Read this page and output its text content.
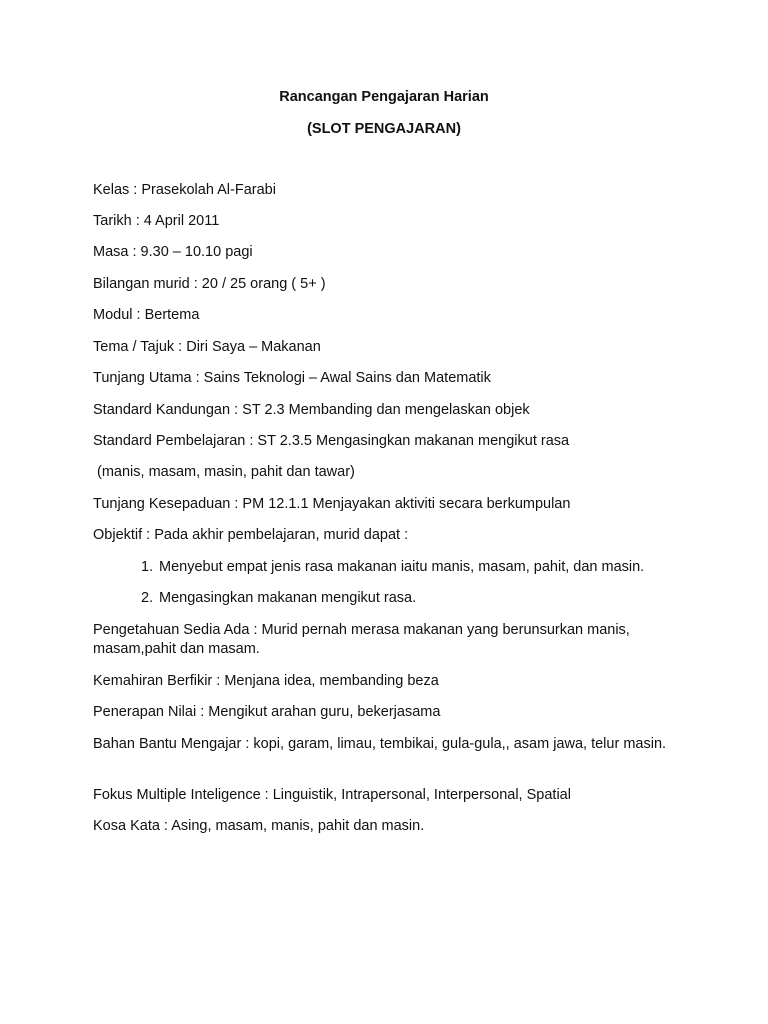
Rancangan Pengajaran Harian
(SLOT PENGAJARAN)
Kelas : Prasekolah Al-Farabi
Tarikh : 4 April 2011
Masa : 9.30 – 10.10 pagi
Bilangan murid : 20 / 25 orang ( 5+ )
Modul : Bertema
Tema / Tajuk : Diri Saya – Makanan
Tunjang Utama : Sains Teknologi – Awal Sains dan Matematik
Standard Kandungan : ST 2.3 Membanding dan mengelaskan objek
Standard Pembelajaran : ST 2.3.5 Mengasingkan makanan mengikut rasa
(manis, masam, masin, pahit dan tawar)
Tunjang Kesepaduan : PM 12.1.1 Menjayakan aktiviti secara berkumpulan
Objektif : Pada akhir pembelajaran, murid dapat :
1. Menyebut empat jenis rasa makanan iaitu manis, masam, pahit, dan masin.
2. Mengasingkan makanan mengikut rasa.
Pengetahuan Sedia Ada : Murid pernah merasa makanan yang berunsurkan manis, masam,pahit dan masam.
Kemahiran Berfikir : Menjana idea, membanding beza
Penerapan Nilai : Mengikut arahan guru, bekerjasama
Bahan Bantu Mengajar : kopi, garam, limau, tembikai, gula-gula,, asam jawa, telur masin.
Fokus Multiple Inteligence : Linguistik, Intrapersonal, Interpersonal, Spatial
Kosa Kata : Asing, masam, manis, pahit dan masin.
